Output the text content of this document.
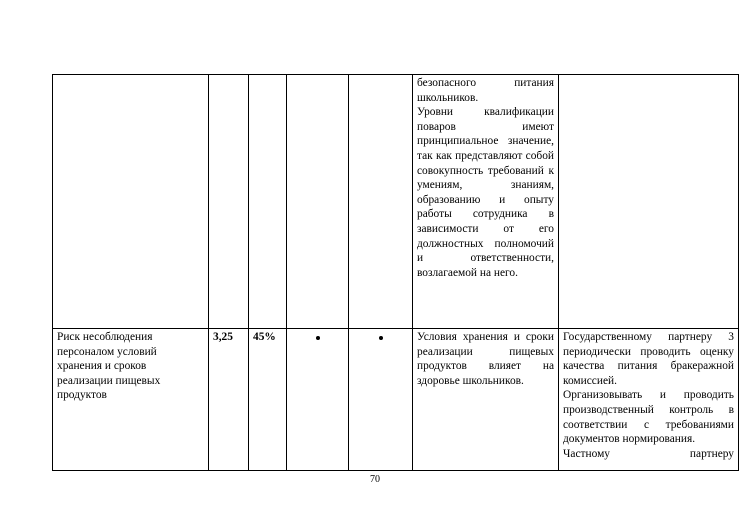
					безопасного питания школьников.
Уровни квалификации поваров имеют принципиальное значение, так как представляют собой совокупность требований к умениям, знаниям, образованию и опыту работы сотрудника в зависимости от его должностных полномочий и ответственности, возлагаемой на него.	

Риск несоблюдения персоналом условий хранения и сроков реализации пищевых продуктов	3,25	45%			Условия хранения и сроки реализации пищевых продуктов влияет на здоровье школьников.	Государственному партнеру 3 периодически проводить оценку качества питания бракеражной комиссией.
Организовывать и проводить производственный контроль в соответствии с требованиями документов нормирования.
Частному партнеру
70
